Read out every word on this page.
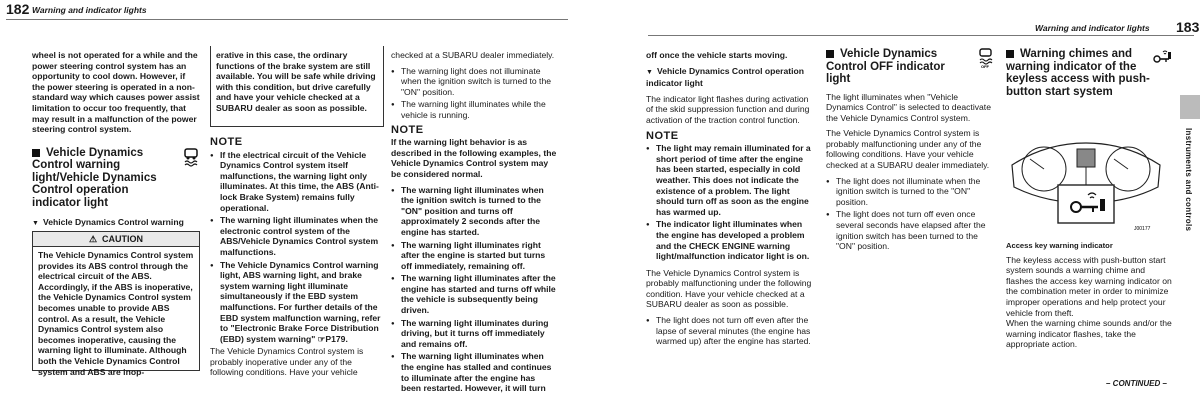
182 Warning and indicator lights

wheel is not operated for a while and the power steering control system has an opportunity to cool down. However, if the power steering is operated in a non-standard way which causes power assist limitation to occur too frequently, that may result in a malfunction of the power steering control system.

Vehicle Dynamics Control warning light/Vehicle Dynamics Control operation indicator light

▼ Vehicle Dynamics Control warning

⚠ CAUTION
The Vehicle Dynamics Control system provides its ABS control through the electrical circuit of the ABS. Accordingly, if the ABS is inoperative, the Vehicle Dynamics Control system becomes unable to provide ABS control. As a result, the Vehicle Dynamics Control system also becomes inoperative, causing the warning light to illuminate. Although both the Vehicle Dynamics Control system and ABS are inop-
erative in this case, the ordinary functions of the brake system are still available. You will be safe while driving with this condition, but drive carefully and have your vehicle checked at a SUBARU dealer as soon as possible.
NOTE
● If the electrical circuit of the Vehicle Dynamics Control system itself malfunctions, the warning light only illuminates. At this time, the ABS (Anti-lock Brake System) remains fully operational.
● The warning light illuminates when the electronic control system of the ABS/Vehicle Dynamics Control system malfunctions.
● The Vehicle Dynamics Control warning light, ABS warning light, and brake system warning light illuminate simultaneously if the EBD system malfunctions. For further details of the EBD system malfunction warning, refer to "Electronic Brake Force Distribution (EBD) system warning" ☞P179.

The Vehicle Dynamics Control system is probably inoperative under any of the following conditions. Have your vehicle

checked at a SUBARU dealer immediately.

● The warning light does not illuminate when the ignition switch is turned to the "ON" position.
● The warning light illuminates while the vehicle is running.
NOTE

If the warning light behavior is as described in the following examples, the Vehicle Dynamics Control system may be considered normal.

● The warning light illuminates when the ignition switch is turned to the "ON" position and turns off approximately 2 seconds after the engine has started.
● The warning light illuminates right after the engine is started but turns off immediately, remaining off.
● The warning light illuminates after the engine has started and turns off while the vehicle is subsequently being driven.
● The warning light illuminates during driving, but it turns off immediately and remains off.
● The warning light illuminates when the engine has stalled and continues to illuminate after the engine has been restarted. However, it will turn
Warning and indicator lights 183

off once the vehicle starts moving.

▼ Vehicle Dynamics Control operation indicator light

The indicator light flashes during activation of the skid suppression function and during activation of the traction control function.

NOTE
● The light may remain illuminated for a short period of time after the engine has been started, especially in cold weather. This does not indicate the existence of a problem. The light should turn off as soon as the engine has warmed up.
● The indicator light illuminates when the engine has developed a problem and the CHECK ENGINE warning light/malfunction indicator light is on.

The Vehicle Dynamics Control system is probably malfunctioning under the following condition. Have your vehicle checked at a SUBARU dealer as soon as possible.

● The light does not turn off even after the lapse of several minutes (the engine has warmed up) after the engine has started.
Vehicle Dynamics Control OFF indicator light
OFF

The light illuminates when "Vehicle Dynamics Control" is selected to deactivate the Vehicle Dynamics Control system.

The Vehicle Dynamics Control system is probably malfunctioning under any of the following conditions. Have your vehicle checked at a SUBARU dealer immediately.

● The light does not illuminate when the ignition switch is turned to the "ON" position.
● The light does not turn off even once several seconds have elapsed after the ignition switch has been turned to the "ON" position.
Warning chimes and warning indicator of the keyless access with push-button start system
J00177

Access key warning indicator

The keyless access with push-button start system sounds a warning chime and flashes the access key warning indicator on the combination meter in order to minimize improper operations and help protect your vehicle from theft.

When the warning chime sounds and/or the warning indicator flashes, take the appropriate action.

Instruments and controls
– CONTINUED –
